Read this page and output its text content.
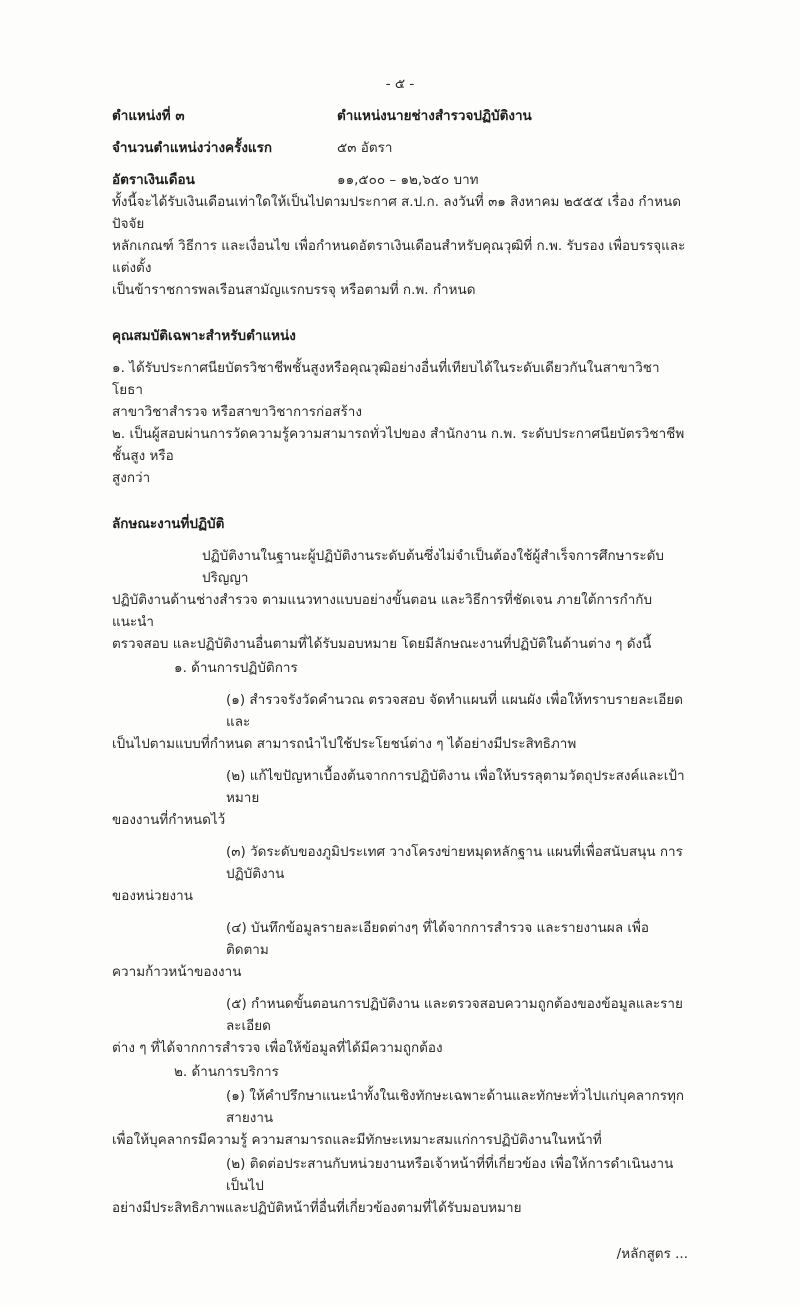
- ๕ -
ตำแหน่งที่ ๓	ตำแหน่งนายช่างสำรวจปฏิบัติงาน
จำนวนตำแหน่งว่างครั้งแรก	๕๓ อัตรา
อัตราเงินเดือน	๑๑,๕๐๐ – ๑๒,๖๕๐ บาท
ทั้งนี้จะได้รับเงินเดือนเท่าใดให้เป็นไปตามประกาศ ส.ป.ก. ลงวันที่ ๓๑ สิงหาคม ๒๕๕๕ เรื่อง กำหนดปัจจัย
หลักเกณฑ์ วิธีการ และเงื่อนไข เพื่อกำหนดอัตราเงินเดือนสำหรับคุณวุฒิที่ ก.พ. รับรอง เพื่อบรรจุและแต่งตั้ง
เป็นข้าราชการพลเรือนสามัญแรกบรรจุ หรือตามที่ ก.พ. กำหนด
คุณสมบัติเฉพาะสำหรับตำแหน่ง
๑. ได้รับประกาศนียบัตรวิชาชีพชั้นสูงหรือคุณวุฒิอย่างอื่นที่เทียบได้ในระดับเดียวกันในสาขาวิชาโยธา
สาขาวิชาสำรวจ หรือสาขาวิชาการก่อสร้าง
๒. เป็นผู้สอบผ่านการวัดความรู้ความสามารถทั่วไปของ สำนักงาน ก.พ. ระดับประกาศนียบัตรวิชาชีพชั้นสูง หรือ
สูงกว่า
ลักษณะงานที่ปฏิบัติ
ปฏิบัติงานในฐานะผู้ปฏิบัติงานระดับต้นซึ่งไม่จำเป็นต้องใช้ผู้สำเร็จการศึกษาระดับปริญญา
ปฏิบัติงานด้านช่างสำรวจ ตามแนวทางแบบอย่างขั้นตอน และวิธีการที่ชัดเจน ภายใต้การกำกับ แนะนำ
ตรวจสอบ และปฏิบัติงานอื่นตามที่ได้รับมอบหมาย โดยมีลักษณะงานที่ปฏิบัติในด้านต่าง ๆ ดังนี้
๑. ด้านการปฏิบัติการ
(๑) สำรวจรังวัดคำนวณ ตรวจสอบ จัดทำแผนที่ แผนผัง เพื่อให้ทราบรายละเอียดและ
เป็นไปตามแบบที่กำหนด สามารถนำไปใช้ประโยชน์ต่าง ๆ ได้อย่างมีประสิทธิภาพ
(๒) แก้ไขปัญหาเบื้องต้นจากการปฏิบัติงาน เพื่อให้บรรลุตามวัตถุประสงค์และเป้าหมาย
ของงานที่กำหนดไว้
(๓) วัดระดับของภูมิประเทศ วางโครงข่ายหมุดหลักฐาน แผนที่เพื่อสนับสนุน การปฏิบัติงาน
ของหน่วยงาน
(๔) บันทึกข้อมูลรายละเอียดต่างๆ ที่ได้จากการสำรวจ และรายงานผล เพื่อติดตาม
ความก้าวหน้าของงาน
(๕) กำหนดขั้นตอนการปฏิบัติงาน และตรวจสอบความถูกต้องของข้อมูลและรายละเอียด
ต่าง ๆ ที่ได้จากการสำรวจ เพื่อให้ข้อมูลที่ได้มีความถูกต้อง
๒. ด้านการบริการ
(๑) ให้คำปรึกษาแนะนำทั้งในเชิงทักษะเฉพาะด้านและทักษะทั่วไปแก่บุคลากรทุกสายงาน
เพื่อให้บุคลากรมีความรู้ ความสามารถและมีทักษะเหมาะสมแก่การปฏิบัติงานในหน้าที่
(๒) ติดต่อประสานกับหน่วยงานหรือเจ้าหน้าที่ที่เกี่ยวข้อง เพื่อให้การดำเนินงานเป็นไป
อย่างมีประสิทธิภาพและปฏิบัติหน้าที่อื่นที่เกี่ยวข้องตามที่ได้รับมอบหมาย
/หลักสูตร ...
